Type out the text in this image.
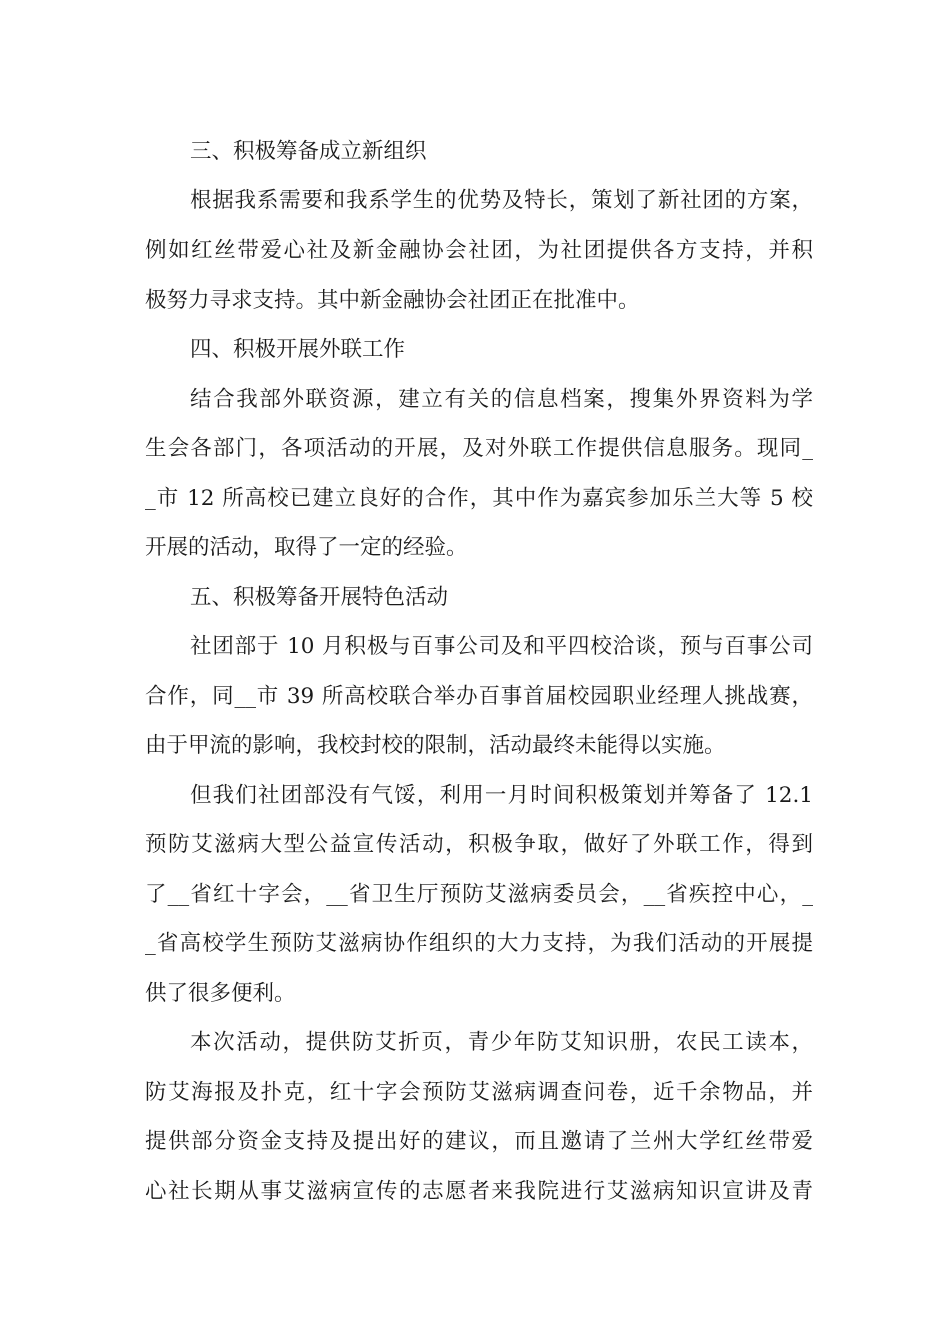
三、积极筹备成立新组织
根据我系需要和我系学生的优势及特长，策划了新社团的方案，
例如红丝带爱心社及新金融协会社团，为社团提供各方支持，并积
极努力寻求支持。其中新金融协会社团正在批准中。
四、积极开展外联工作
结合我部外联资源，建立有关的信息档案，搜集外界资料为学
生会各部门，各项活动的开展，及对外联工作提供信息服务。现同_
_市 12 所高校已建立良好的合作，其中作为嘉宾参加乐兰大等 5 校
开展的活动，取得了一定的经验。
五、积极筹备开展特色活动
社团部于 10 月积极与百事公司及和平四校洽谈，预与百事公司
合作，同__市 39 所高校联合举办百事首届校园职业经理人挑战赛，
由于甲流的影响，我校封校的限制，活动最终未能得以实施。
但我们社团部没有气馁，利用一月时间积极策划并筹备了 12.1
预防艾滋病大型公益宣传活动，积极争取，做好了外联工作，得到
了__省红十字会，__省卫生厅预防艾滋病委员会，__省疾控中心，_
_省高校学生预防艾滋病协作组织的大力支持，为我们活动的开展提
供了很多便利。
本次活动，提供防艾折页，青少年防艾知识册，农民工读本，
防艾海报及扑克，红十字会预防艾滋病调查问卷，近千余物品，并
提供部分资金支持及提出好的建议，而且邀请了兰州大学红丝带爱
心社长期从事艾滋病宣传的志愿者来我院进行艾滋病知识宣讲及青
